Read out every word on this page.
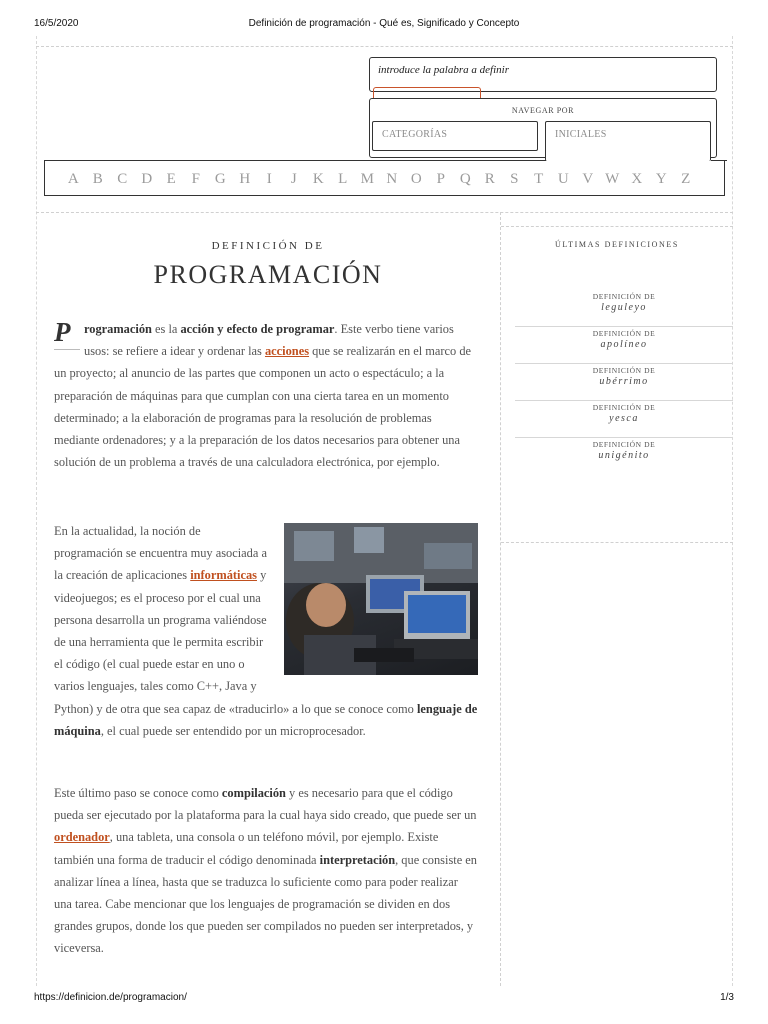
16/5/2020	Definición de programación - Qué es, Significado y Concepto
introduce la palabra a definir
NAVEGAR POR
CATEGORÍAS	INICIALES
A B C D E	F G H	I	J	K L M N O P Q R	S	T U V W X Y Z
DEFINICIÓN DE
PROGRAMACIÓN

P	rogramación es la acción y efecto de programar. Este verbo tiene varios usos: se refiere a idear y ordenar las acciones que se realizarán en el marco de un proyecto; al anuncio de las partes que componen un acto o espectáculo; a la preparación de máquinas para que cumplan con una cierta tarea en un momento determinado; a la elaboración de programas para la resolución de problemas mediante ordenadores; y a la preparación de los datos necesarios para obtener una solución de un problema a través de una calculadora electrónica, por ejemplo.

En la actualidad, la noción de programación se encuentra muy asociada a la creación de aplicaciones informáticas y videojuegos; es el proceso por el cual una persona desarrolla un programa valiéndose de una herramienta que le permita escribir el código (el cual puede estar en uno o varios lenguajes, tales como C++, Java y Python) y de otra que sea capaz de «traducirlo» a lo que se conoce como lenguaje de máquina, el cual puede ser entendido por un microprocesador.

Este último paso se conoce como compilación y es necesario para que el código pueda ser ejecutado por la plataforma para la cual haya sido creado, que puede ser un ordenador, una tableta, una consola o un teléfono móvil, por ejemplo. Existe también una forma de traducir el código denominada interpretación, que consiste en analizar línea a línea, hasta que se traduzca lo suficiente como para poder realizar una tarea. Cabe mencionar que los lenguajes de programación se dividen en dos grandes grupos, donde los que pueden ser compilados no pueden ser interpretados, y viceversa.

ÚLTIMAS DEFINICIONES
DEFINICIÓN DE
leguleyo
DEFINICIÓN DE
apolíneo
DEFINICIÓN DE
ubérrimo
DEFINICIÓN DE
yesca
DEFINICIÓN DE
unigénito
https://definicion.de/programacion/	1/3
